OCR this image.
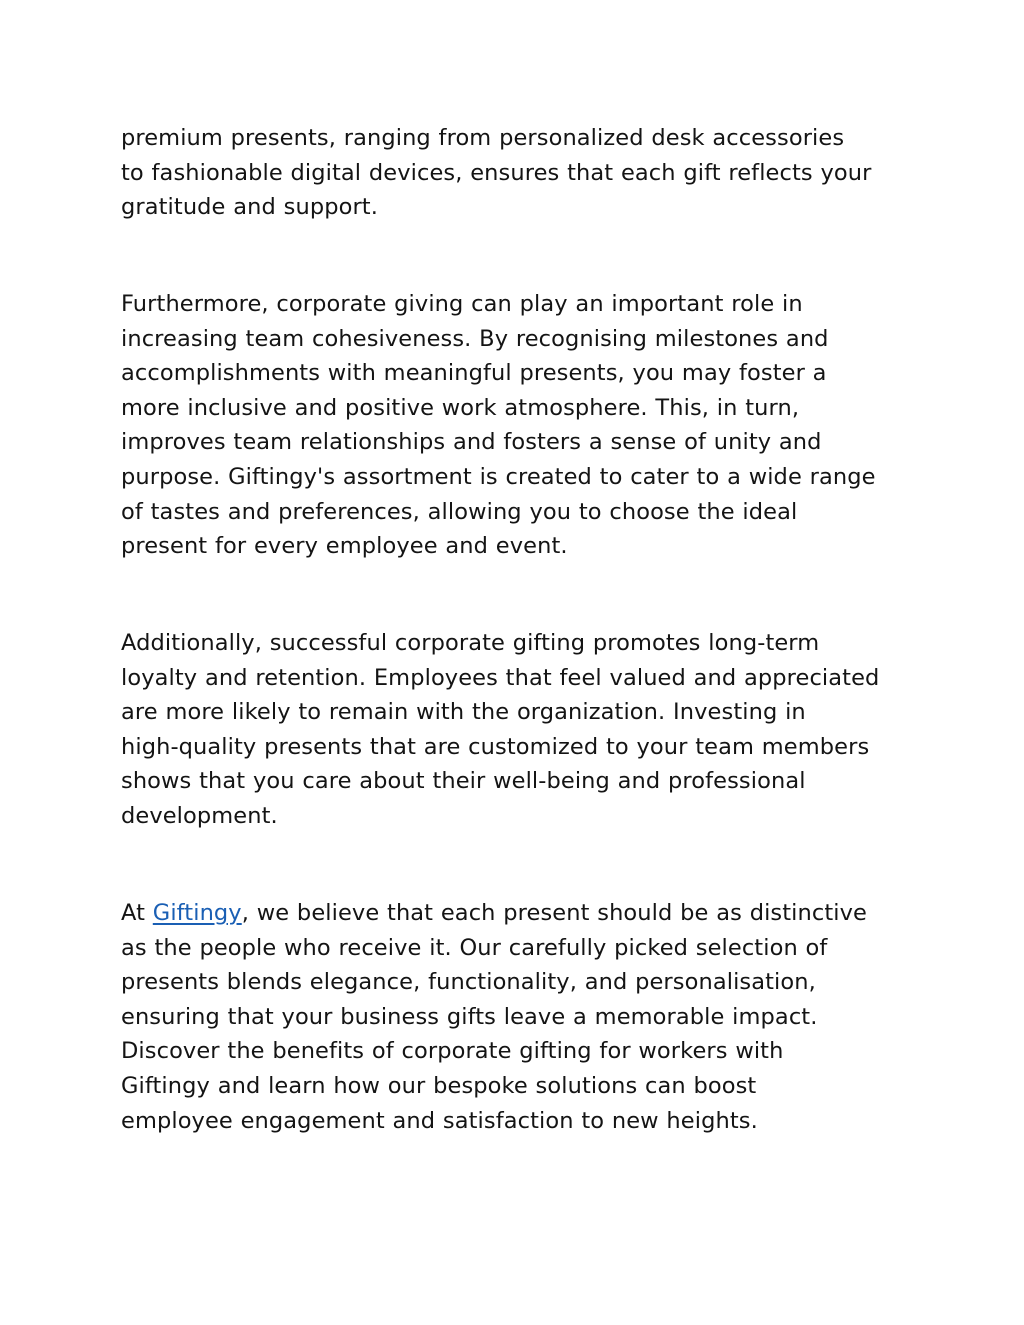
premium presents, ranging from personalized desk accessories
to fashionable digital devices, ensures that each gift reflects your
gratitude and support.
Furthermore, corporate giving can play an important role in
increasing team cohesiveness. By recognising milestones and
accomplishments with meaningful presents, you may foster a
more inclusive and positive work atmosphere. This, in turn,
improves team relationships and fosters a sense of unity and
purpose. Giftingy's assortment is created to cater to a wide range
of tastes and preferences, allowing you to choose the ideal
present for every employee and event.
Additionally, successful corporate gifting promotes long-term
loyalty and retention. Employees that feel valued and appreciated
are more likely to remain with the organization. Investing in
high-quality presents that are customized to your team members
shows that you care about their well-being and professional
development.
At Giftingy, we believe that each present should be as distinctive
as the people who receive it. Our carefully picked selection of
presents blends elegance, functionality, and personalisation,
ensuring that your business gifts leave a memorable impact.
Discover the benefits of corporate gifting for workers with
Giftingy and learn how our bespoke solutions can boost
employee engagement and satisfaction to new heights.
